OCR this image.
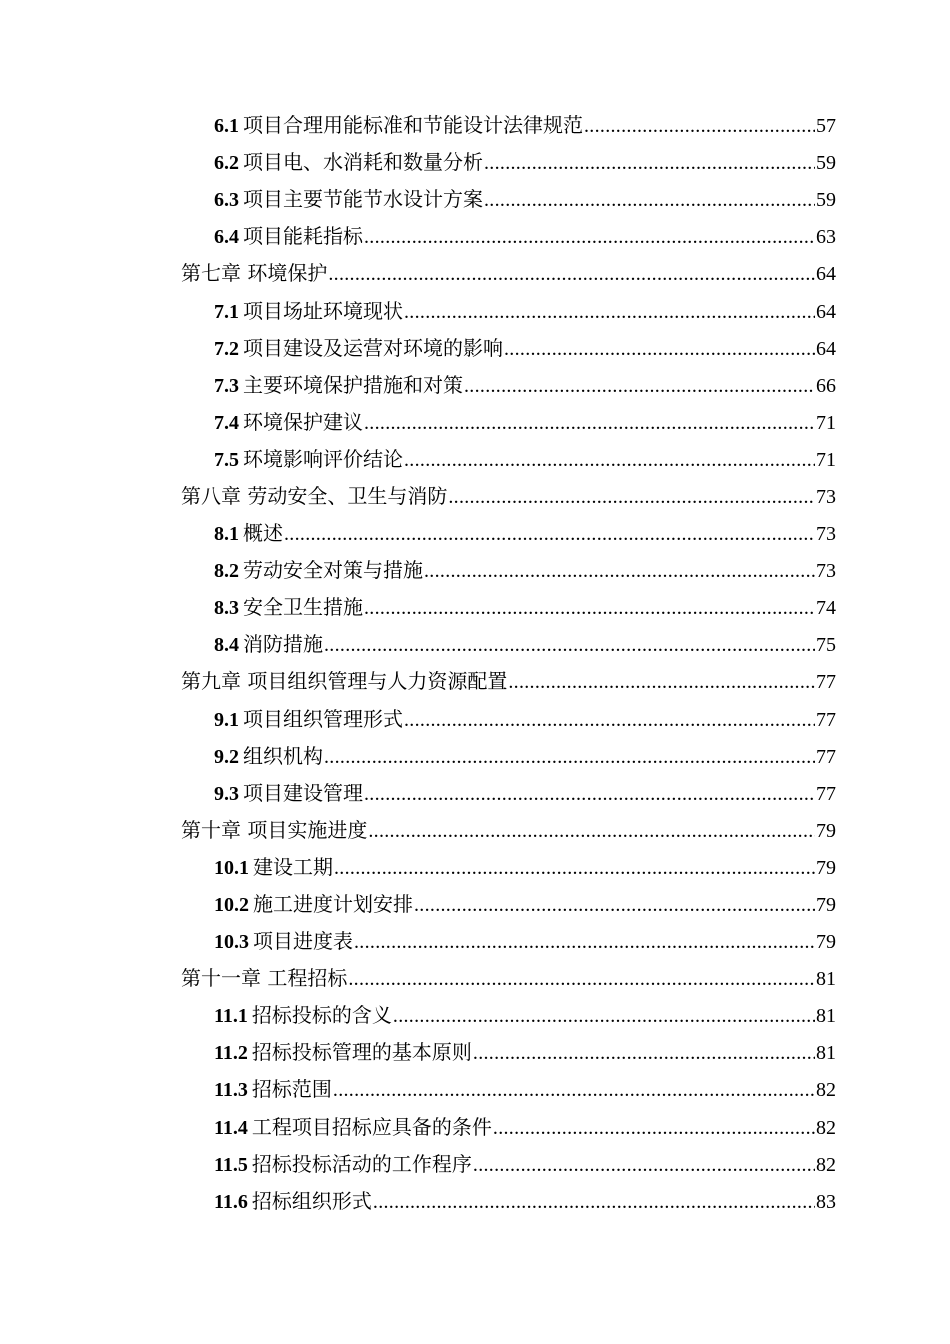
6.1 项目合理用能标准和节能设计法律规范 .....	57
6.2 项目电、水消耗和数量分析 .....	59
6.3 项目主要节能节水设计方案 .....	59
6.4 项目能耗指标 .....	63
第七章 环境保护 .....	64
7.1 项目场址环境现状 .....	64
7.2 项目建设及运营对环境的影响 .....	64
7.3 主要环境保护措施和对策 .....	66
7.4 环境保护建议 .....	71
7.5 环境影响评价结论 .....	71
第八章 劳动安全、卫生与消防 .....	73
8.1 概述 .....	73
8.2 劳动安全对策与措施 .....	73
8.3 安全卫生措施 .....	74
8.4 消防措施 .....	75
第九章 项目组织管理与人力资源配置 .....	77
9.1 项目组织管理形式 .....	77
9.2 组织机构 .....	77
9.3 项目建设管理 .....	77
第十章 项目实施进度 .....	79
10.1 建设工期 .....	79
10.2 施工进度计划安排 .....	79
10.3 项目进度表 .....	79
第十一章 工程招标 .....	81
11.1 招标投标的含义 .....	81
11.2 招标投标管理的基本原则 .....	81
11.3 招标范围 .....	82
11.4 工程项目招标应具备的条件 .....	82
11.5 招标投标活动的工作程序 .....	82
11.6 招标组织形式 .....	83
